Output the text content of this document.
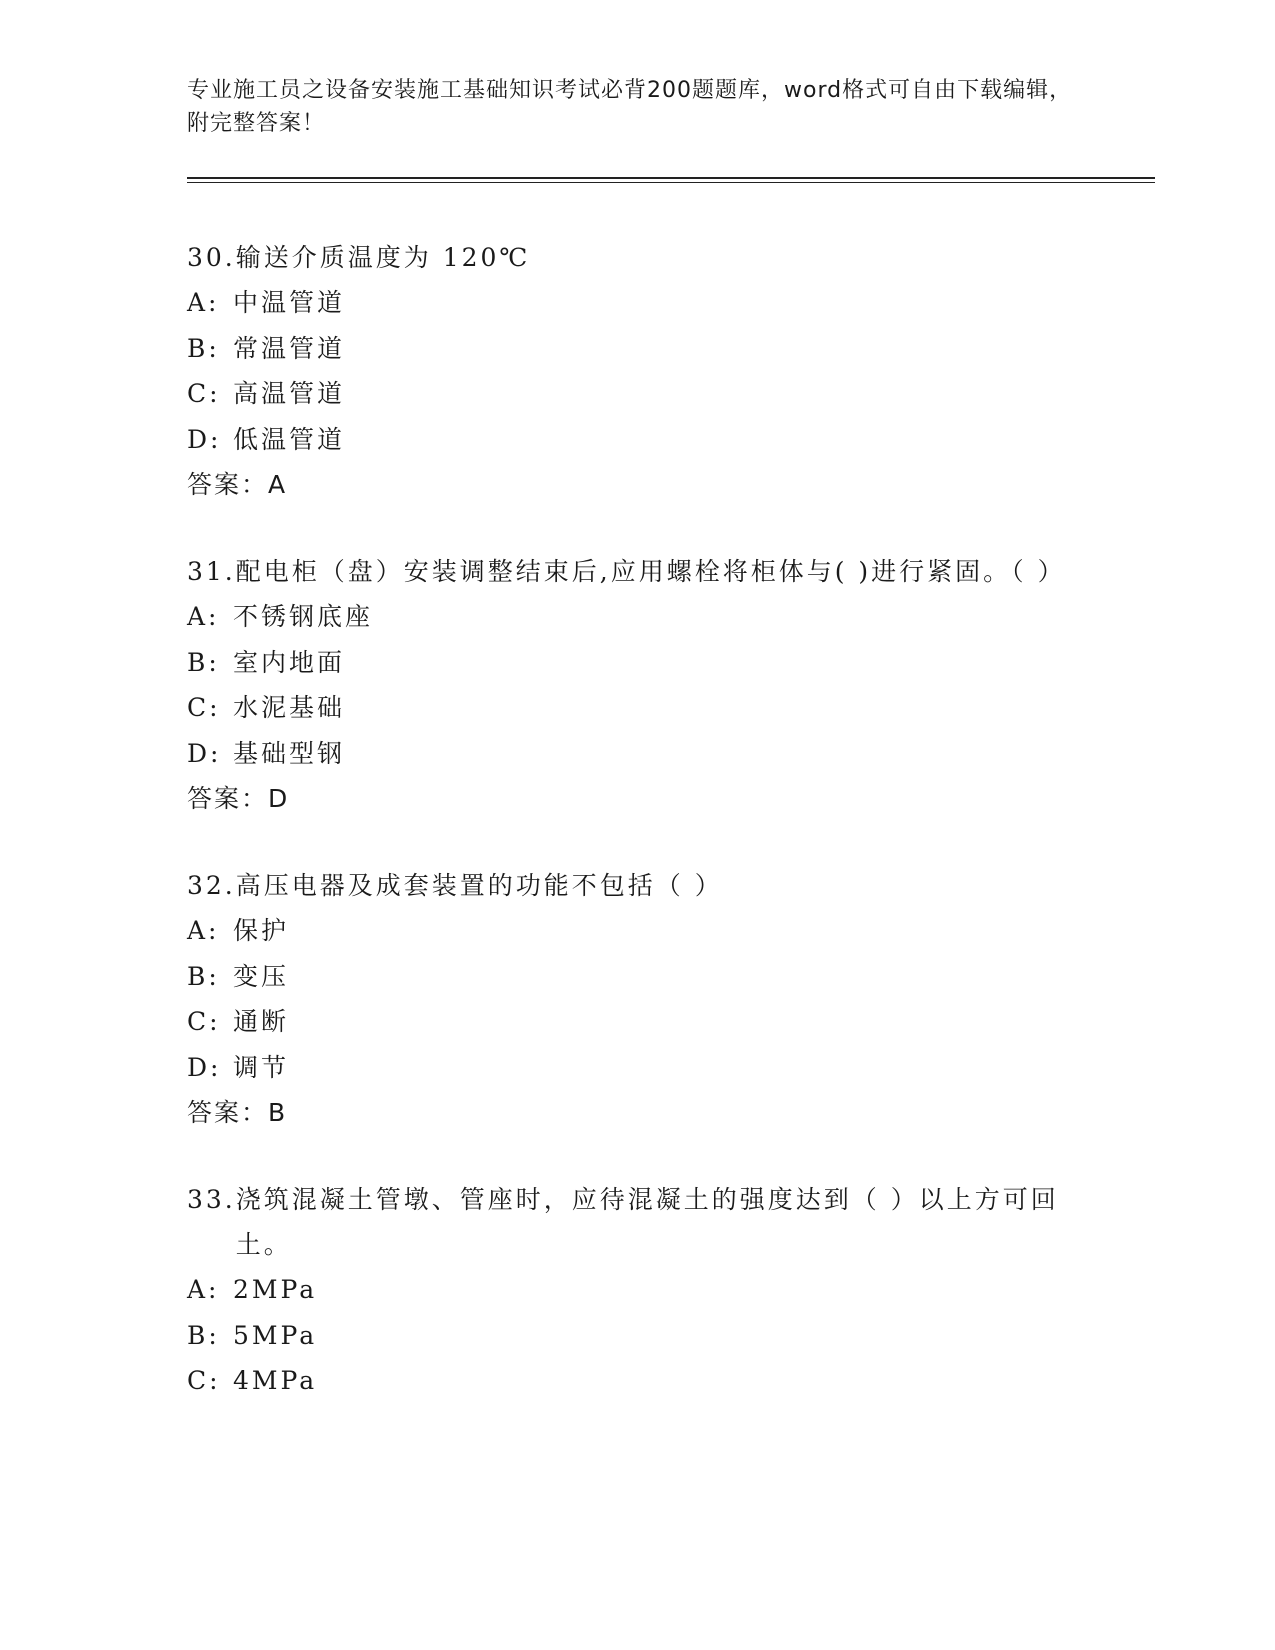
专业施工员之设备安装施工基础知识考试必背200题题库，word格式可自由下载编辑，附完整答案！
30. 输送介质温度为 120℃
A: 中温管道
B: 常温管道
C: 高温管道
D: 低温管道
答案：A
31. 配电柜（盘）安装调整结束后,应用螺栓将柜体与( )进行紧固。（ ）
A: 不锈钢底座
B: 室内地面
C: 水泥基础
D: 基础型钢
答案：D
32. 高压电器及成套装置的功能不包括（ ）
A: 保护
B: 变压
C: 通断
D: 调节
答案：B
33. 浇筑混凝土管墩、管座时，应待混凝土的强度达到（ ）以上方可回土。
A: 2MPa
B: 5MPa
C: 4MPa
